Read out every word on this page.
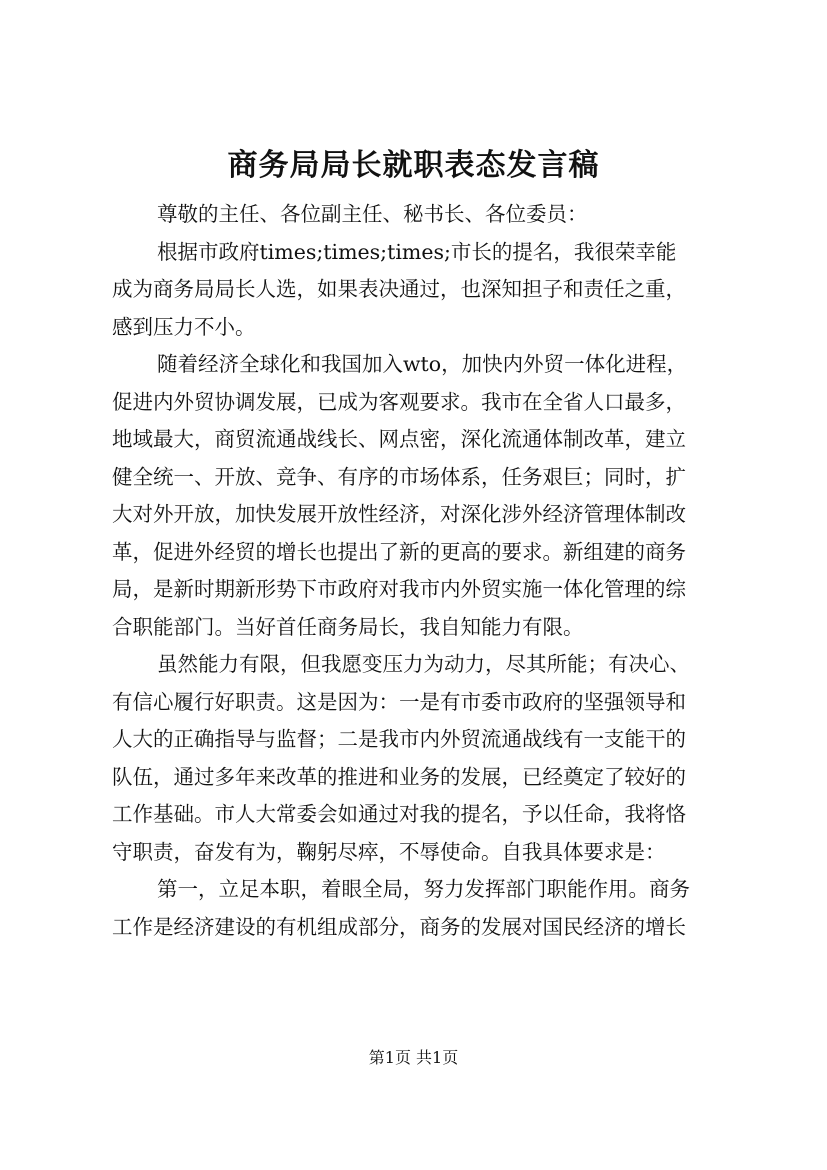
商务局局长就职表态发言稿
尊敬的主任、各位副主任、秘书长、各位委员：
根据市政府times;times;times;市长的提名，我很荣幸能
成为商务局局长人选，如果表决通过，也深知担子和责任之重，
感到压力不小。
随着经济全球化和我国加入wto，加快内外贸一体化进程，
促进内外贸协调发展，已成为客观要求。我市在全省人口最多，
地域最大，商贸流通战线长、网点密，深化流通体制改革，建立
健全统一、开放、竞争、有序的市场体系，任务艰巨；同时，扩
大对外开放，加快发展开放性经济，对深化涉外经济管理体制改
革，促进外经贸的增长也提出了新的更高的要求。新组建的商务
局，是新时期新形势下市政府对我市内外贸实施一体化管理的综
合职能部门。当好首任商务局长，我自知能力有限。
虽然能力有限，但我愿变压力为动力，尽其所能；有决心、
有信心履行好职责。这是因为：一是有市委市政府的坚强领导和
人大的正确指导与监督；二是我市内外贸流通战线有一支能干的
队伍，通过多年来改革的推进和业务的发展，已经奠定了较好的
工作基础。市人大常委会如通过对我的提名，予以任命，我将恪
守职责，奋发有为，鞠躬尽瘁，不辱使命。自我具体要求是：
第一，立足本职，着眼全局，努力发挥部门职能作用。商务
工作是经济建设的有机组成部分，商务的发展对国民经济的增长
第1页 共1页
